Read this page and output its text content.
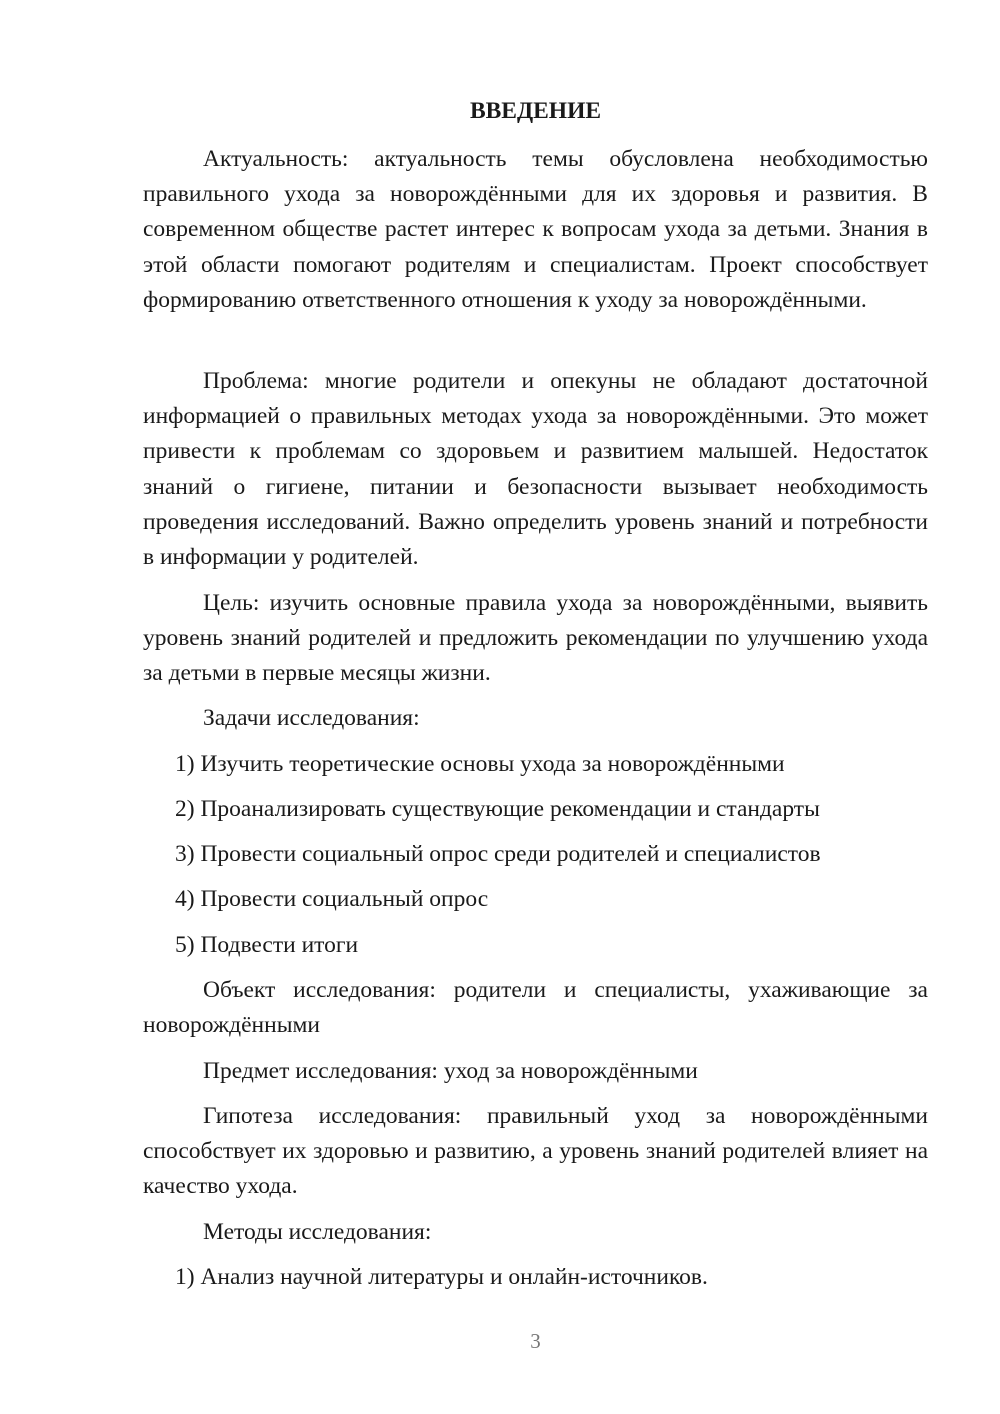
ВВЕДЕНИЕ

Актуальность: актуальность темы обусловлена необходимостью правильного ухода за новорождёнными для их здоровья и развития. В современном обществе растет интерес к вопросам ухода за детьми. Знания в этой области помогают родителям и специалистам. Проект способствует формированию ответственного отношения к уходу за новорождёнными.

Проблема: многие родители и опекуны не обладают достаточной информацией о правильных методах ухода за новорождёнными. Это может привести к проблемам со здоровьем и развитием малышей. Недостаток знаний о гигиене, питании и безопасности вызывает необходимость проведения исследований. Важно определить уровень знаний и потребности в информации у родителей.

Цель: изучить основные правила ухода за новорождёнными, выявить уровень знаний родителей и предложить рекомендации по улучшению ухода за детьми в первые месяцы жизни.

Задачи исследования:

1) Изучить теоретические основы ухода за новорождёнными

2) Проанализировать существующие рекомендации и стандарты

3) Провести социальный опрос среди родителей и специалистов

4) Провести социальный опрос

5) Подвести итоги

Объект исследования: родители и специалисты, ухаживающие за новорождёнными

Предмет исследования: уход за новорождёнными

Гипотеза исследования: правильный уход за новорождёнными способствует их здоровью и развитию, а уровень знаний родителей влияет на качество ухода.

Методы исследования:

1) Анализ научной литературы и онлайн-источников.

3
